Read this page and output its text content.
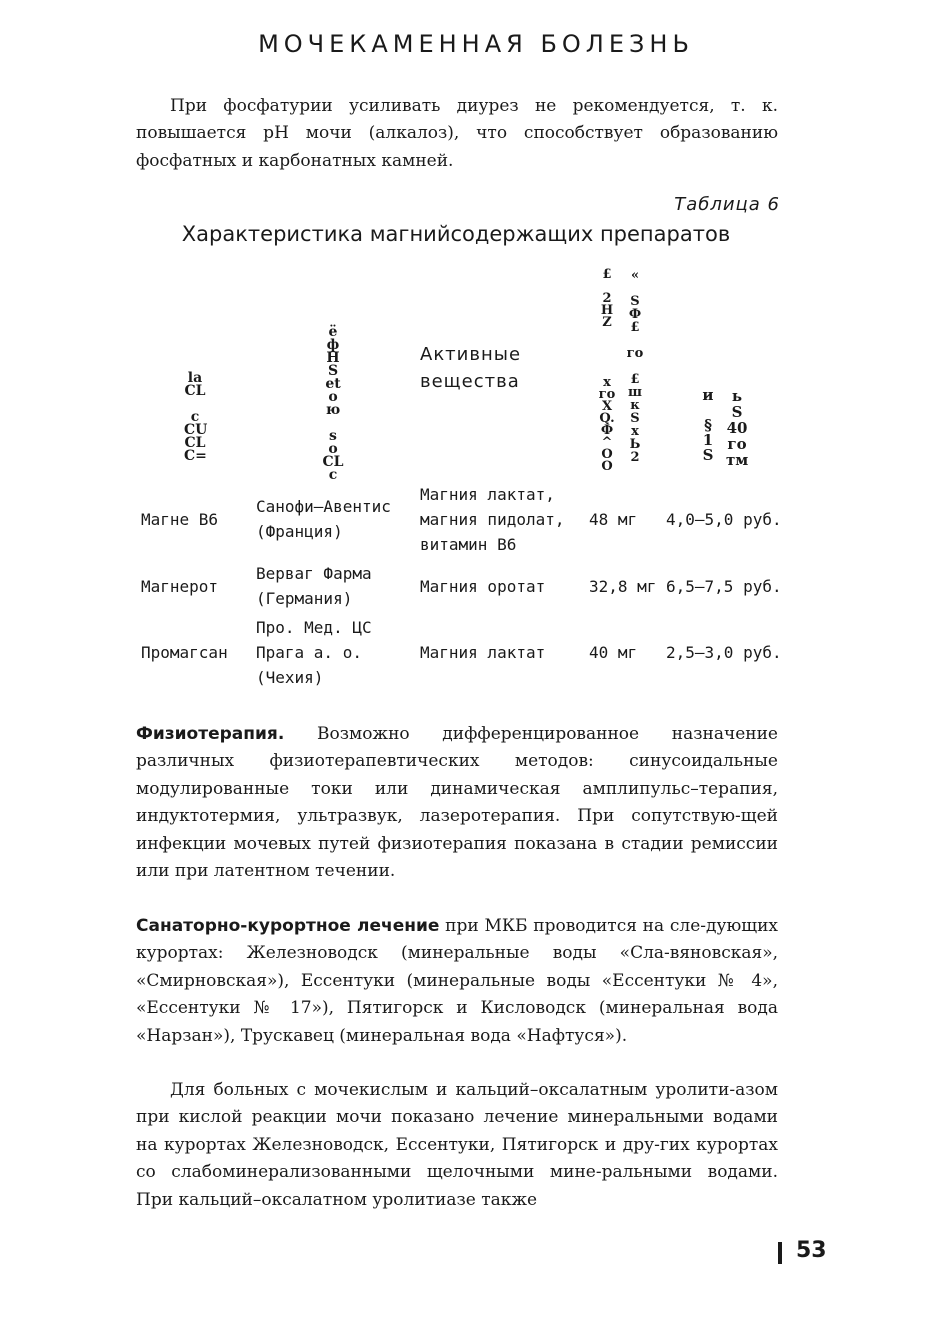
МОЧЕКАМЕННАЯ БОЛЕЗНЬ

При фосфатурии усиливать диурез не рекомендуется, т. к. повышается pH мочи (алкалоз), что способствует образованию фосфатных и карбонатных камней.

Таблица 6
Характеристика магнийсодержащих препаратов
la
CL

c
CU
CL
C=
ё
ф
Н
S
et
о
ю

s
о
CL
с
Активные
вещества
£

2
Н
Z

x
го
X
Q.
Ф
^
О
О
«

S
Ф
£

го

£
ш
к
S
x
Ь
2
и

§
1
S
ь
S
40
го
тм
Магне B6
Санофи–Авентис
(Франция)
Магния лактат,
магния пидолат,
витамин B6
48 мг 4,0–5,0 руб.
Магнерот
Верваг Фарма
(Германия)
Магния оротат	32,8 мг 6,5–7,5 руб.
Промагсан
Про. Мед. ЦС
Прага а. о.
(Чехия)
Магния лактат	40 мг 2,5–3,0 руб.

Физиотерапия. Возможно дифференцированное назначение различных физиотерапевтических методов: синусоидальные модулированные токи или динамическая амплипульс–терапия, индуктотермия, ультразвук, лазеротерапия. При сопутствую-щей инфекции мочевых путей физиотерапия показана в стадии ремиссии или при латентном течении.

Санаторно-курортное лечение при МКБ проводится на сле-дующих курортах: Железноводск (минеральные воды «Сла-вяновская», «Смирновская»), Ессентуки (минеральные воды «Ессентуки № 4», «Ессентуки № 17»), Пятигорск и Кисловодск (минеральная вода «Нарзан»), Трускавец (минеральная вода «Нафтуся»).

Для больных с мочекислым и кальций–оксалатным уролити-азом при кислой реакции мочи показано лечение минеральными водами на курортах Железноводск, Ессентуки, Пятигорск и дру-гих курортах со слабоминерализованными щелочными мине-ральными водами. При кальций–оксалатном уролитиазе также

53
